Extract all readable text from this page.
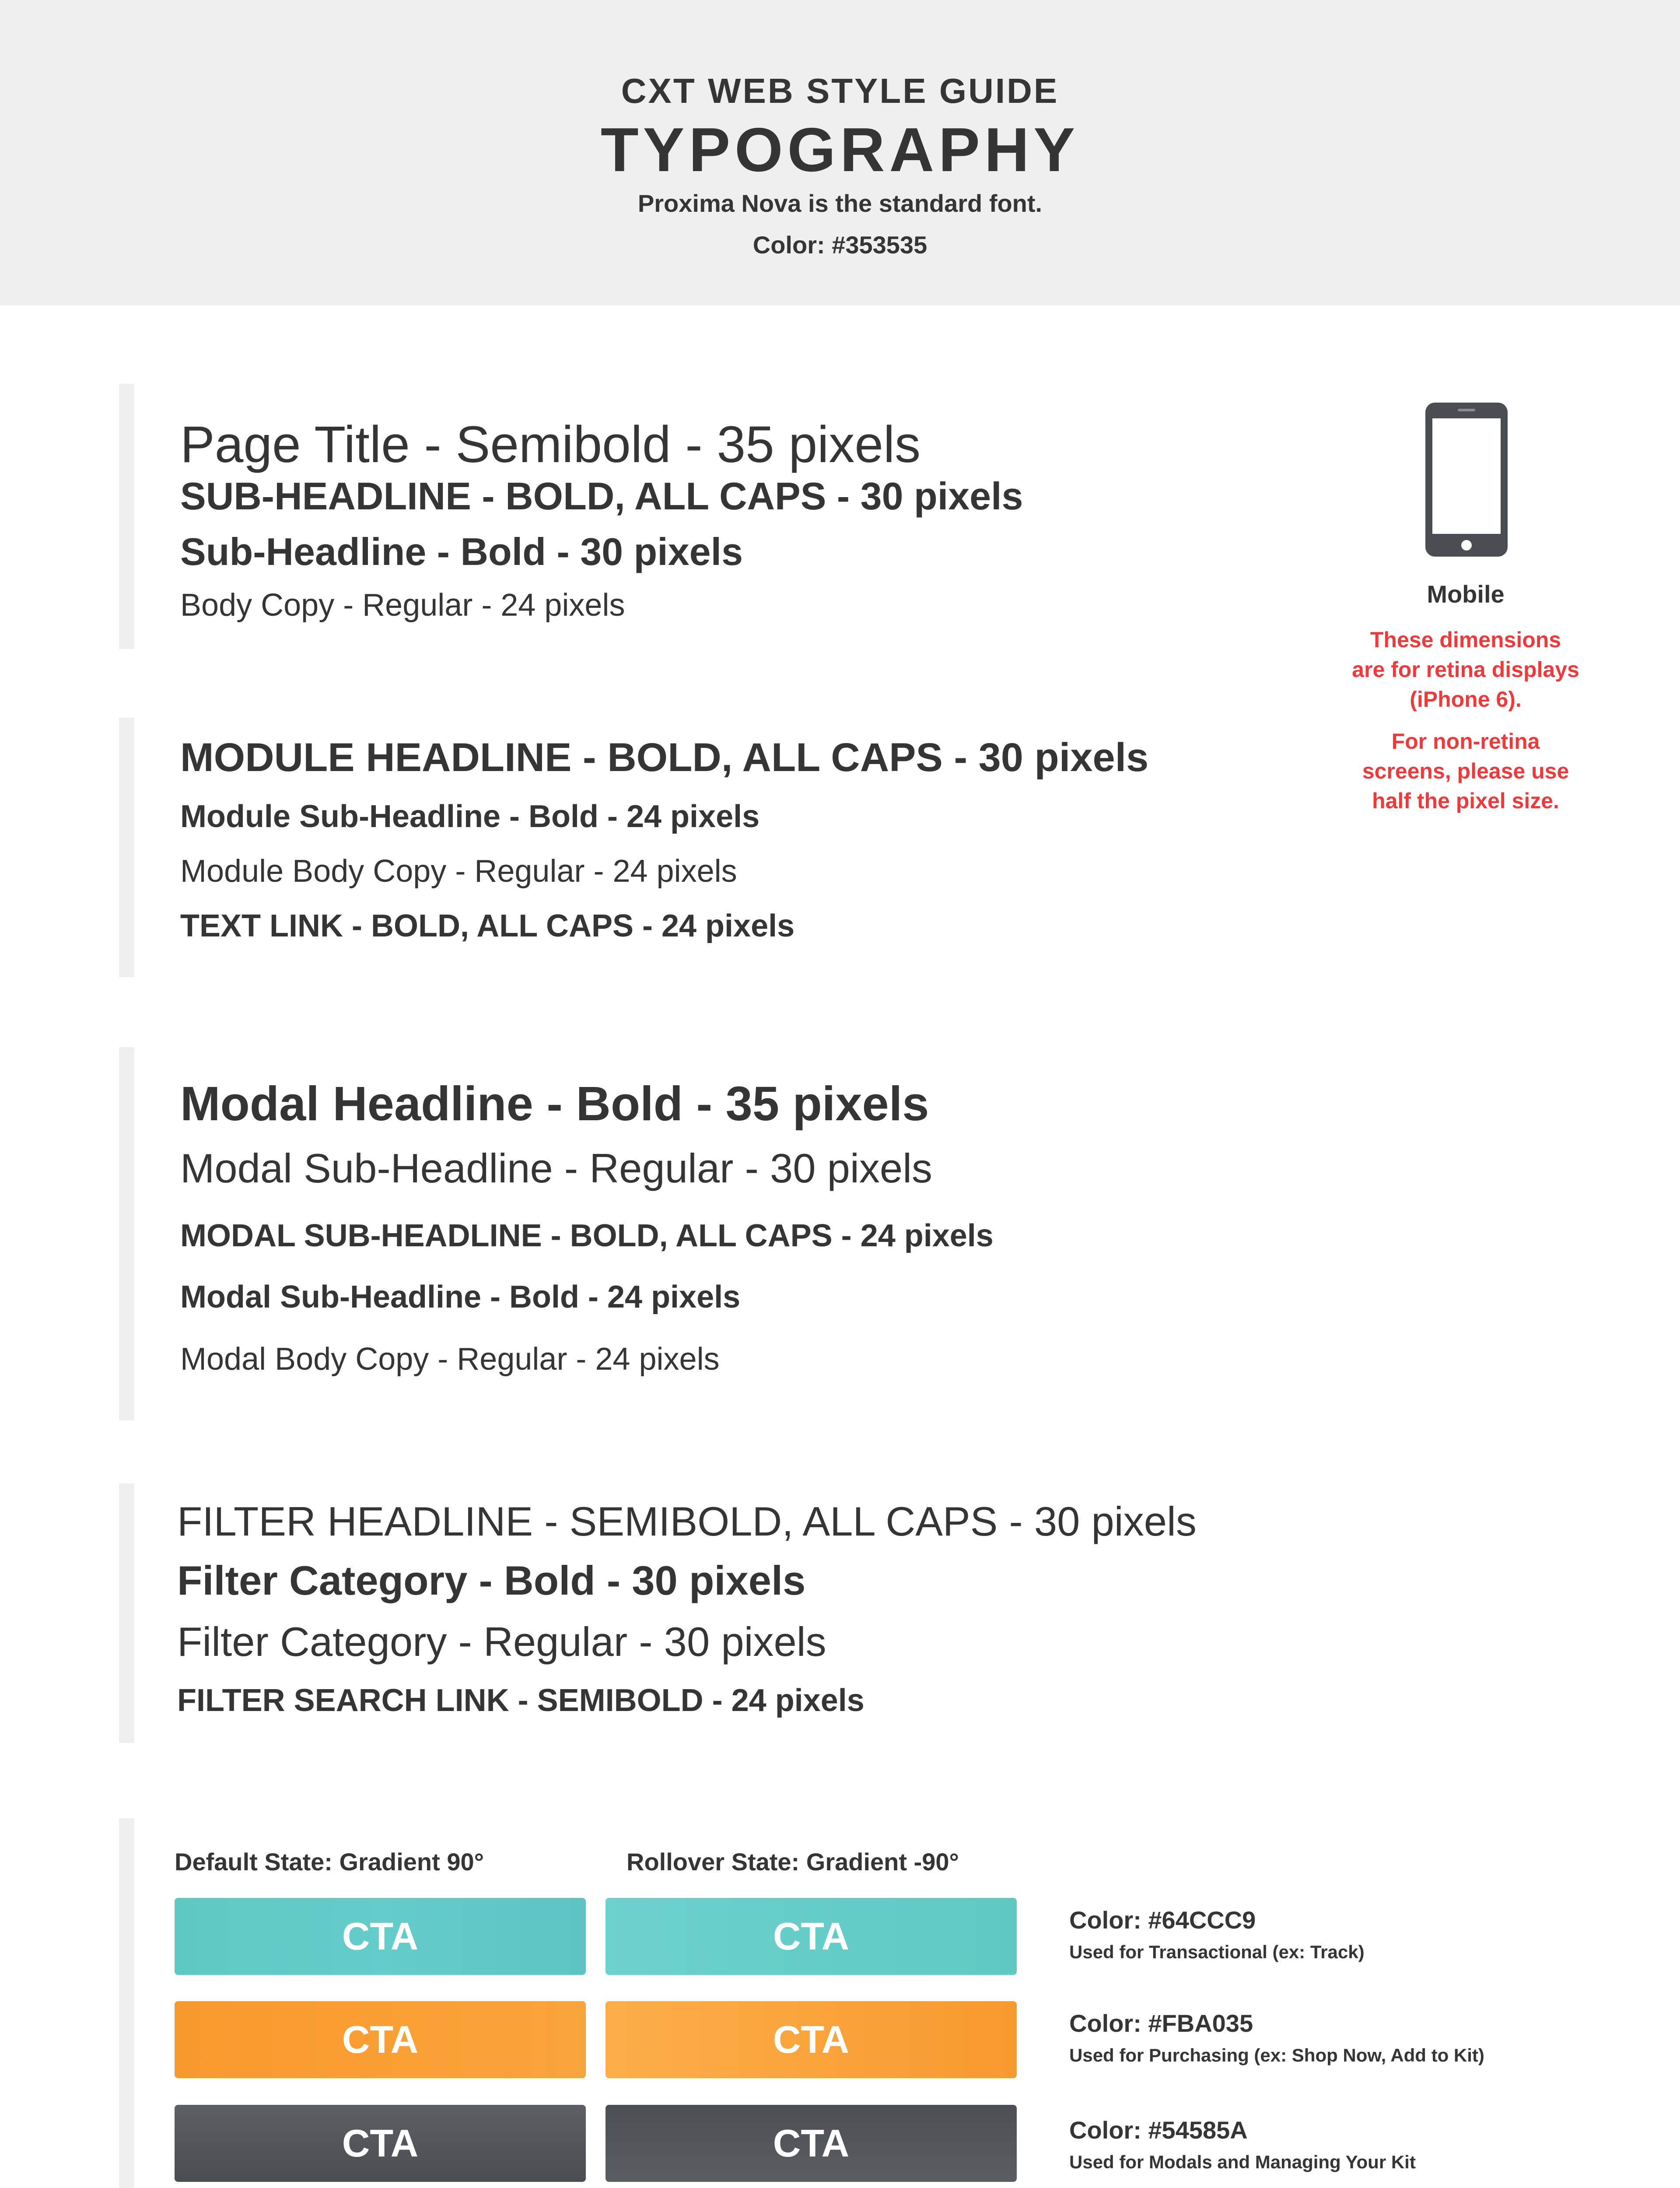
CXT WEB STYLE GUIDE
TYPOGRAPHY
Proxima Nova is the standard font.
Color: #353535
Page Title - Semibold - 35 pixels
SUB-HEADLINE - BOLD, ALL CAPS - 30 pixels
Sub-Headline - Bold - 30 pixels
Body Copy - Regular - 24 pixels	Mobile
These dimensions
are for retina displays
(iPhone 6).
For non-retina
screens, please use
half the pixel size.
MODULE HEADLINE - BOLD, ALL CAPS - 30 pixels
Module Sub-Headline - Bold - 24 pixels
Module Body Copy - Regular - 24 pixels
TEXT LINK - BOLD, ALL CAPS - 24 pixels
Modal Headline - Bold - 35 pixels
Modal Sub-Headline - Regular - 30 pixels
MODAL SUB-HEADLINE - BOLD, ALL CAPS - 24 pixels
Modal Sub-Headline - Bold - 24 pixels
Modal Body Copy - Regular - 24 pixels
FILTER HEADLINE - SEMIBOLD, ALL CAPS - 30 pixels
Filter Category - Bold - 30 pixels
Filter Category - Regular - 30 pixels
FILTER SEARCH LINK - SEMIBOLD - 24 pixels
Default State: Gradient 90°	Rollover State: Gradient -90°
CTA	CTA	Color: #64CCC9
Used for Transactional (ex: Track)
CTA	CTA	Color: #FBA035
Used for Purchasing (ex: Shop Now, Add to Kit)
CTA	CTA	Color: #54585A
Used for Modals and Managing Your Kit
